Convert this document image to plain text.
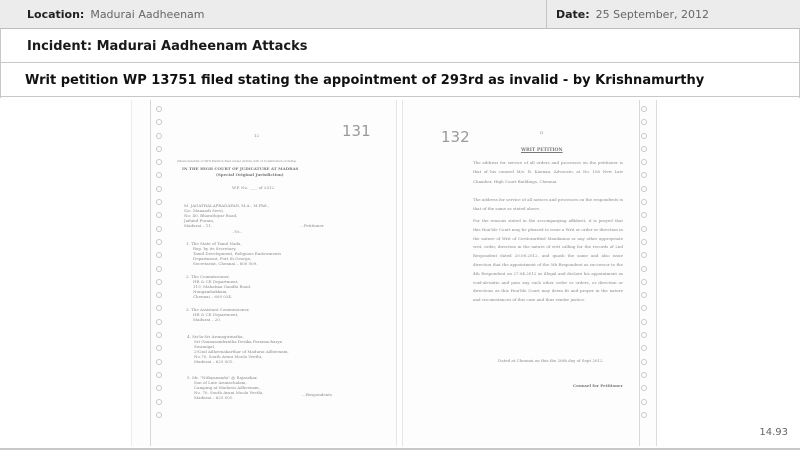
Location: Madurai Aadheenam	Date: 25 September, 2012
Incident: Madurai Aadheenam Attacks
Writ petition WP 13751 filed stating the appointment of 293rd as invalid - by Krishnamurthy
131
12
(Memorandum of Writ Petition filed under Article 226 of Constitution of India)
IN THE HIGH COURT OF JUDICATURE AT MADRAS
(Special Original Jurisdiction)
W.P. No. ____ of 2012
M. JAGATHALAPRADAPAN, M.A., M.Phil.,
S/o. Manandi Servi,
No: 40, Bharathiyar Road,
Jaihind Puram,
Madurai – 11.	...Petitioner
..Vs..
1. The State of Tamil Nadu,
Rep. by its Secretary,
Tamil Development, Religious Endowments
Department, Fort St.George,
Secretariat, Chennai – 600 009.
2. The Commissioner,
HR & CE Department,
119, Mahatma Gandhi Road,
Nungambakkam,
Chennai – 600 034.
3. The Assistant Commissioner,
HR & CE Department,
Madurai – 20.
4. Sri-la-Sri Arunagirinatha,
Sri Gnanasambantha Desika Paramacharya
Swamigal,
292nd Adheenakarthar of Madurai Adheenam,
No.70, South Avani Moola Veethi,
Madurai – 625 001.
5. Mr. "Nithyananda" @ Rajasekar,
Son of Late Arunachalam,
Camping at Madurai Adheenam,
No. 70, South Avani Moola Veethi,
Madurai – 625 001.
...Respondents
132	II
WRIT PETITION
The address for service of all orders and processes on the petitioner is that of his counsel M/s. R. Kannan, Advocate, at No. 160 New Law Chamber, High Court Buildings, Chennai.
The address for service of all notices and processes on the respondents is that of the same as stated above.
For the reasons stated in the accompanying affidavit, it is prayed that this Hon'ble Court may be pleased to issue a Writ or order or direction in the nature of Writ of Certiorarified Mandamus or any other appropriate writ, order, direction in the nature of writ calling for the records of 2nd Respondent dated 20.08.2012, and quash the same and also issue direction that the appointment of the 5th Respondent as successor to the 4th Respondent on 27.04.2012 as illegal and declare his appointment as void-ab-initio and pass any such other order or orders, or direction or directions as this Hon'ble Court may deem fit and proper in the nature and circumstances of this case and thus render justice.
Dated at Chennai on this the 26th day of Sept 2012.
Counsel for Petitioner
14.93
